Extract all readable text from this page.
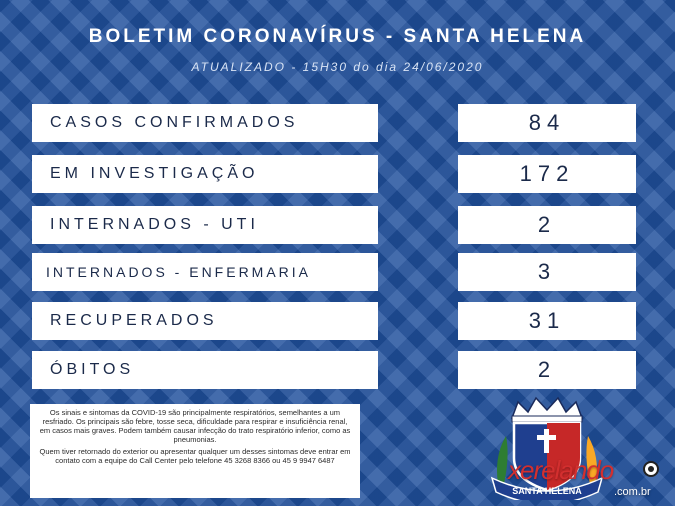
BOLETIM CORONAVÍRUS - SANTA HELENA
ATUALIZADO - 15H30 do dia 24/06/2020
CASOS CONFIRMADOS	84
EM INVESTIGAÇÃO	172
INTERNADOS - UTI	2
INTERNADOS - ENFERMARIA	3
RECUPERADOS	31
ÓBITOS	2

Os sinais e sintomas da COVID-19 são principalmente respiratórios, semelhantes a um resfriado. Os principais são febre, tosse seca, dificuldade para respirar e insuficiência renal, em casos mais graves. Podem também causar infecção do trato respiratório inferior, como as pneumonias.

Quem tiver retornado do exterior ou apresentar qualquer um desses sintomas deve entrar em contato com a equipe do Call Center pelo telefone 45 3268 8366 ou 45 9 9947 6487

SANTA HELENA
xerelando
.com.br
